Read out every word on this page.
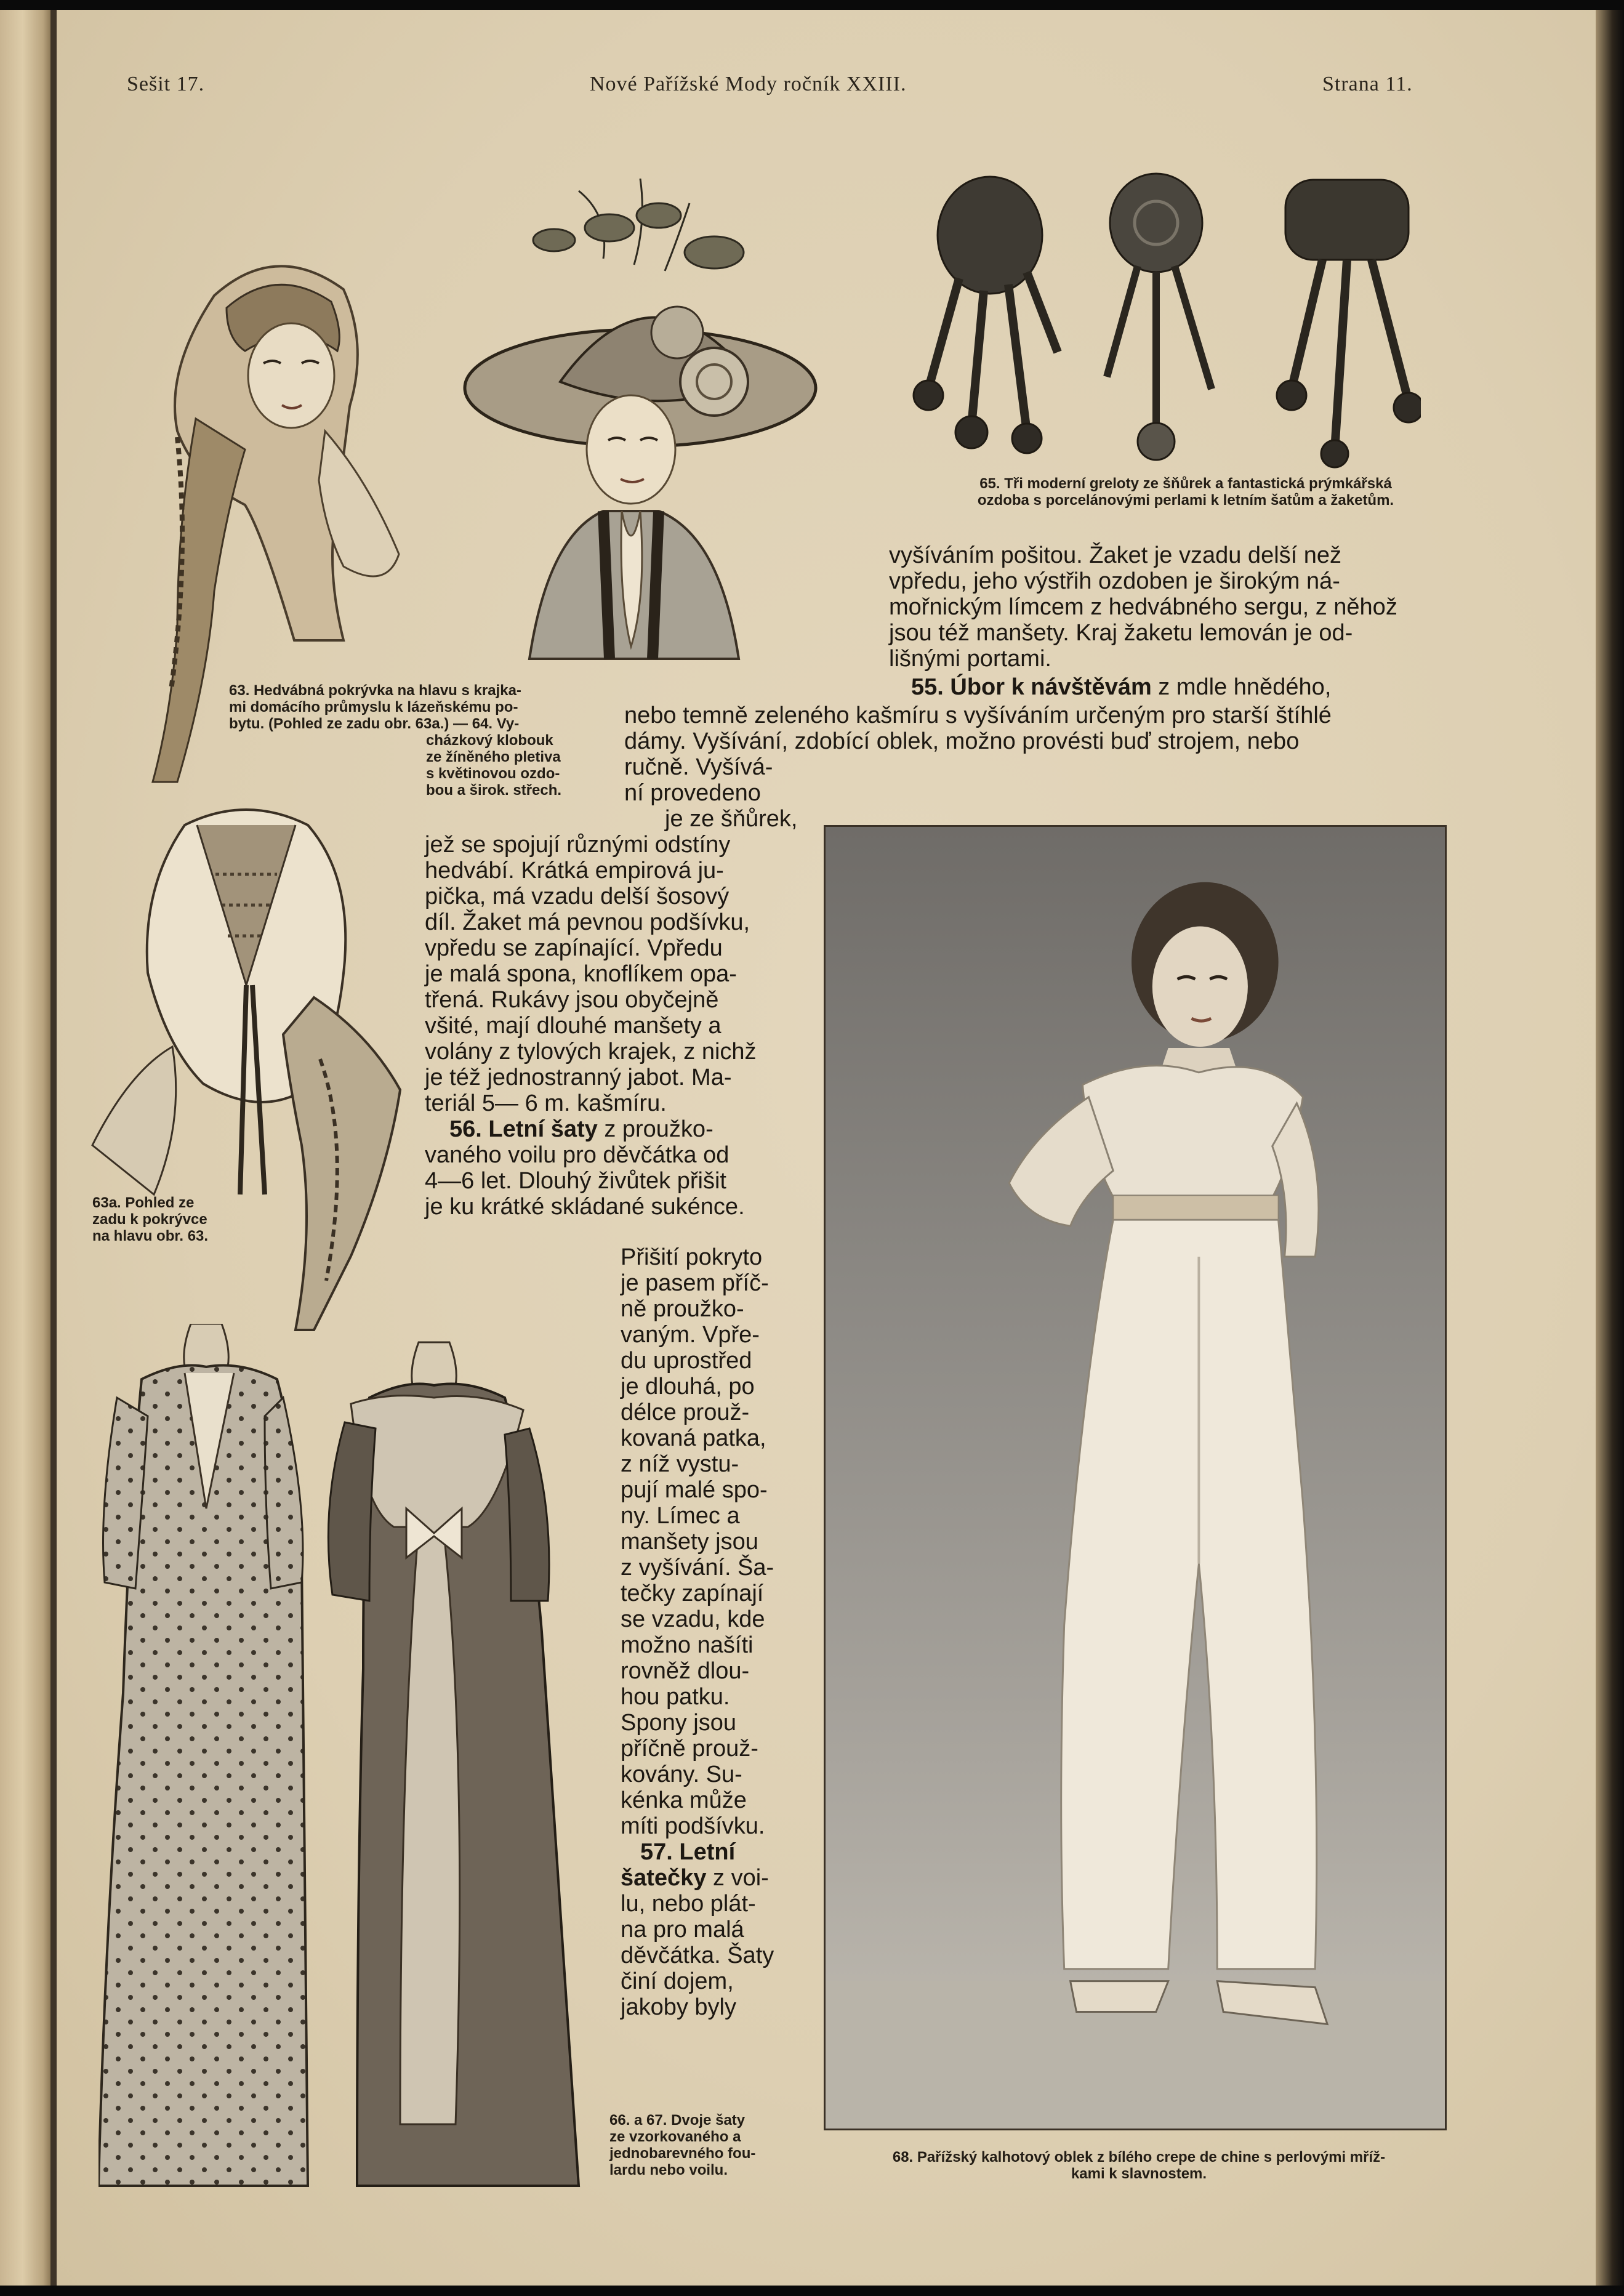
Sešit 17.	Nové Pařížské Mody ročník XXIII.	Strana 11.
65. Tři moderní greloty ze šňůrek a fantastická prýmkářská
ozdoba s porcelánovými perlami k letním šatům a žaketům.
vyšíváním pošitou. Žaket je vzadu delší než
vpředu, jeho výstřih ozdoben je širokým ná-
mořnickým límcem z hedvábného sergu, z něhož
jsou též manšety. Kraj žaketu lemován je od-
lišnými portami.
55. Úbor k návštěvám z mdle hnědého,
nebo temně zeleného kašmíru s vyšíváním určeným pro starší štíhlé
dámy. Vyšívání, zdobící oblek, možno provésti buď strojem, nebo
63. Hedvábná pokrývka na hlavu s krajka-
mi domácího průmyslu k lázeňskému po-
bytu. (Pohled ze zadu obr. 63a.) — 64. Vy-
cházkový klobouk
ze žíněného pletiva
s květinovou ozdo-
bou a širok. střech.
ručně. Vyšívá-
ní provedeno
je ze šňůrek,
jež se spojují různými odstíny
hedvábí. Krátká empirová ju-
pička, má vzadu delší šosový
díl. Žaket má pevnou podšívku,
vpředu se zapínající. Vpředu
je malá spona, knoflíkem opa-
třená. Rukávy jsou obyčejně
všité, mají dlouhé manšety a
volány z tylových krajek, z nichž
je též jednostranný jabot. Ma-
teriál 5— 6 m. kašmíru.
56. Letní šaty z proužko-
vaného voilu pro děvčátka od
4—6 let. Dlouhý živůtek přišit
je ku krátké skládané sukénce.
63a. Pohled ze
zadu k pokrývce
na hlavu obr. 63.
Přišití pokryto
je pasem příč-
ně proužko-
vaným. Vpře-
du uprostřed
je dlouhá, po
délce prouž-
kovaná patka,
z níž vystu-
pují malé spo-
ny. Límec a
manšety jsou
z vyšívání. Ša-
tečky zapínají
se vzadu, kde
možno našíti
rovněž dlou-
hou patku.
Spony jsou
příčně prouž-
kovány. Su-
kénka může
míti podšívku.
57. Letní
šatečky z voi-
lu, nebo plát-
na pro malá
děvčátka. Šaty
činí dojem,
jakoby byly
66. a 67. Dvoje šaty
ze vzorkovaného a
jednobarevného fou-
lardu nebo voilu.
68. Pařížský kalhotový oblek z bílého crepe de chine s perlovými mříž-
kami k slavnostem.
